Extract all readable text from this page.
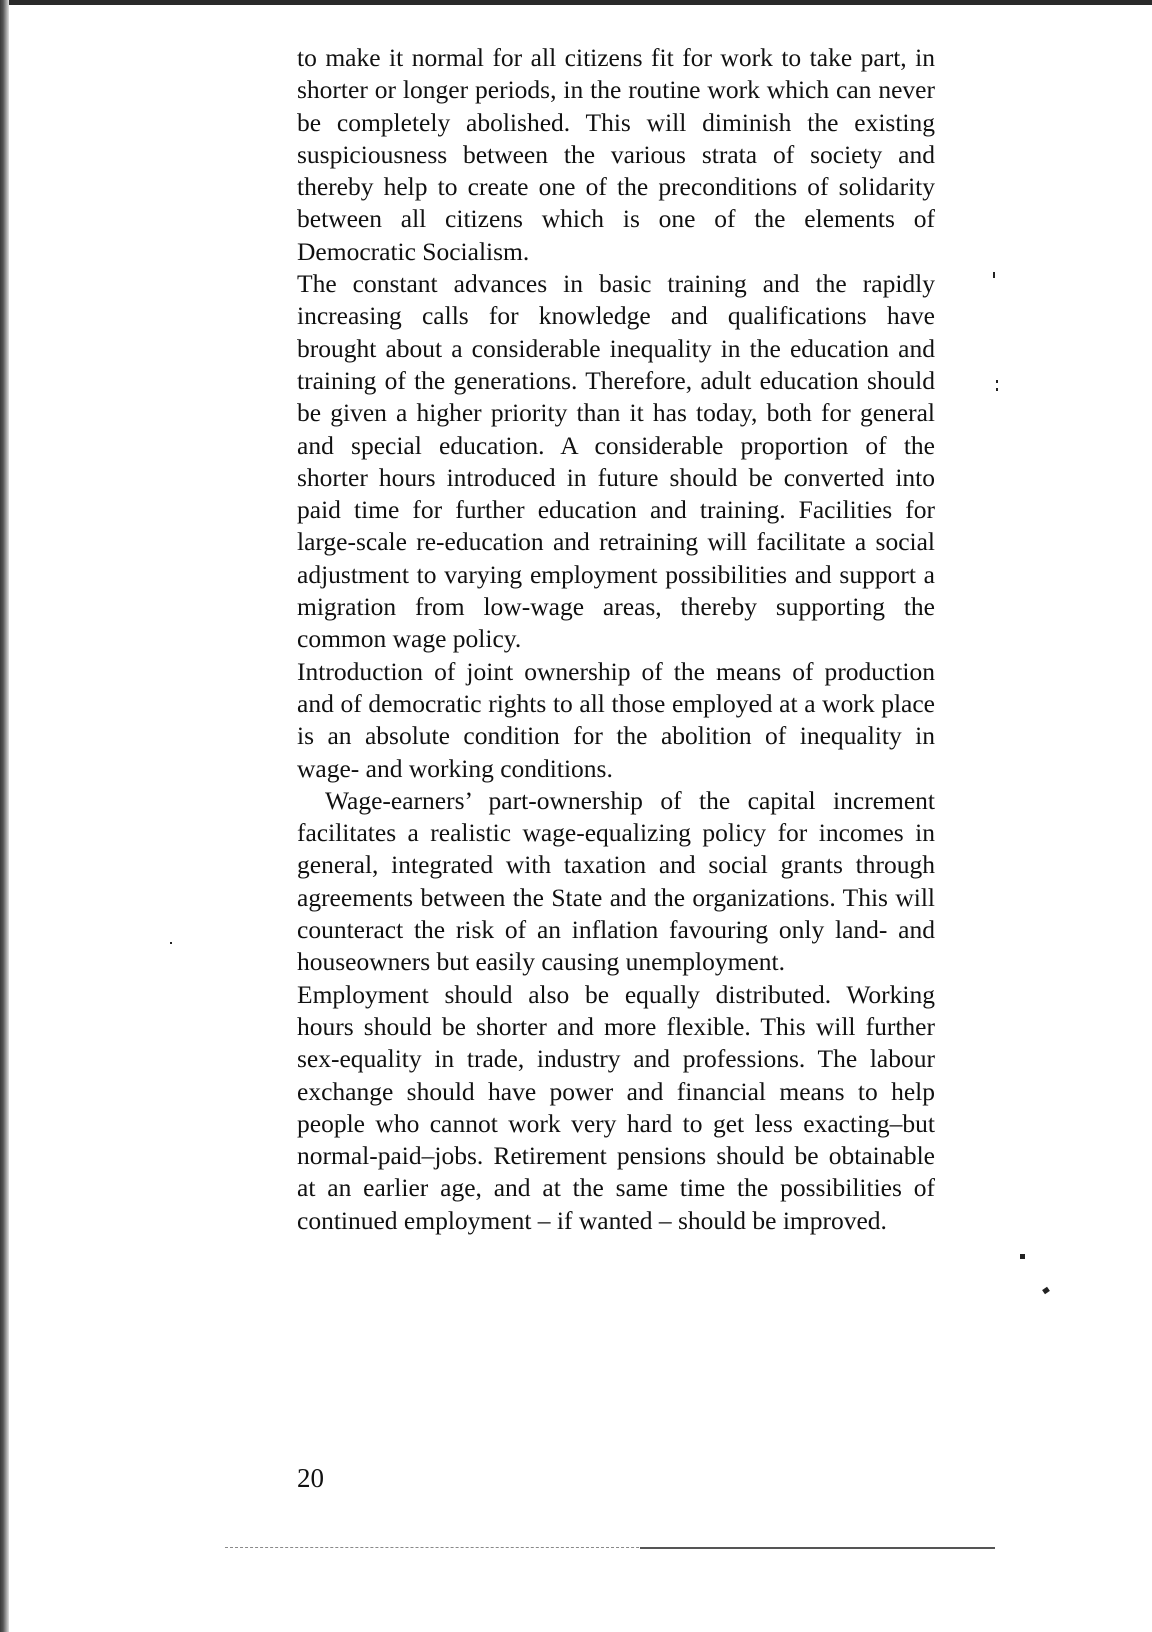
to make it normal for all citizens fit for work to take part, in shorter or longer periods, in the routine work which can never be completely abolished. This will diminish the existing suspiciousness between the various strata of society and thereby help to create one of the preconditions of solidarity between all citizens which is one of the elements of Democratic Socialism.

The constant advances in basic training and the rapidly increasing calls for knowledge and qualifications have brought about a considerable inequality in the education and training of the generations. Therefore, adult education should be given a higher priority than it has today, both for general and special education. A considerable proportion of the shorter hours introduced in future should be converted into paid time for further education and training. Facilities for large-scale re-education and retraining will facilitate a social adjustment to varying employment possibilities and support a migration from low-wage areas, thereby supporting the common wage policy.

Introduction of joint ownership of the means of production and of democratic rights to all those employed at a work place is an absolute condition for the abolition of inequality in wage- and working conditions.

Wage-earners’ part-ownership of the capital increment facilitates a realistic wage-equalizing policy for incomes in general, integrated with taxation and social grants through agreements between the State and the organizations. This will counteract the risk of an inflation favouring only land- and houseowners but easily causing unemployment.

Employment should also be equally distributed. Working hours should be shorter and more flexible. This will further sex-equality in trade, industry and professions. The labour exchange should have power and financial means to help people who cannot work very hard to get less exacting–but normal-paid–jobs. Retirement pensions should be obtainable at an earlier age, and at the same time the possibilities of continued employment – if wanted – should be improved.

20
